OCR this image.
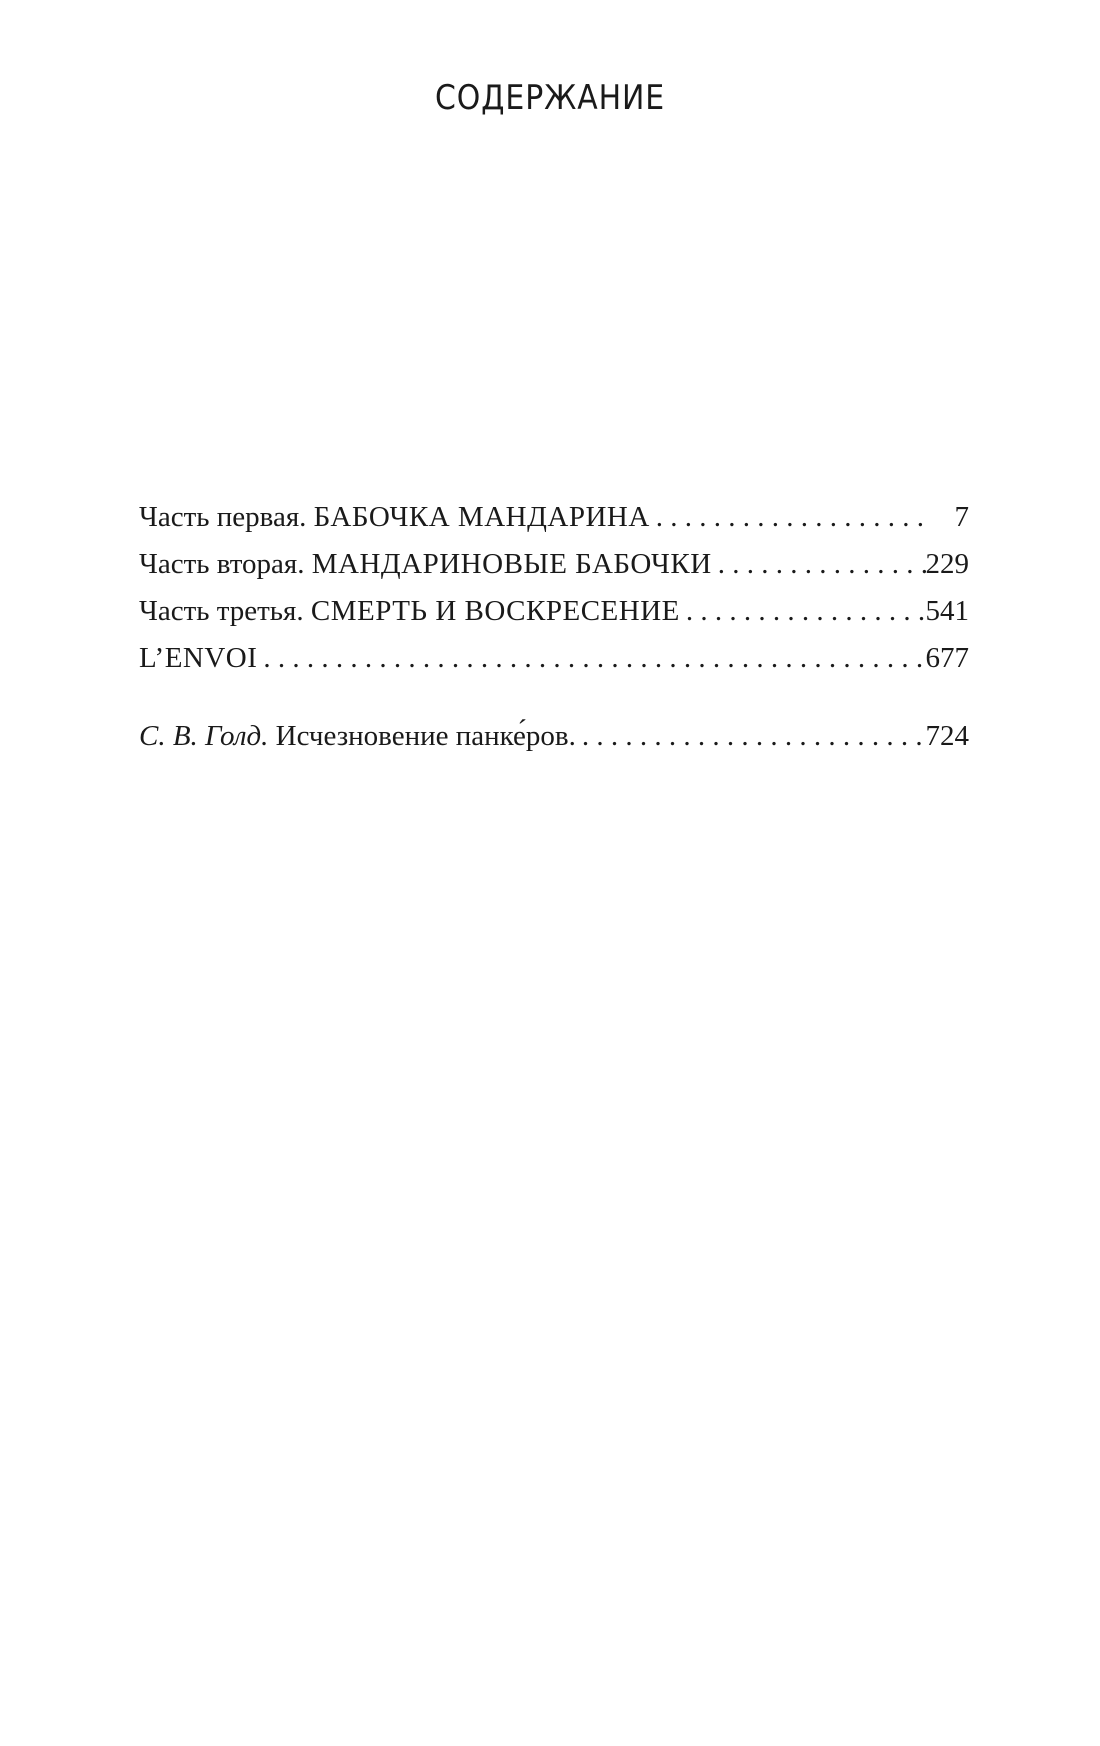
СОДЕРЖАНИЕ
Часть первая. БАБОЧКА МАНДАРИНА . . .	7
Часть вторая. МАНДАРИНОВЫЕ БАБОЧКИ . . .	229
Часть третья. СМЕРТЬ И ВОСКРЕСЕНИЕ . . .	541
L’ENVOI . . .	677
С. В. Голд. Исчезновение панке́ров. . . .	724
